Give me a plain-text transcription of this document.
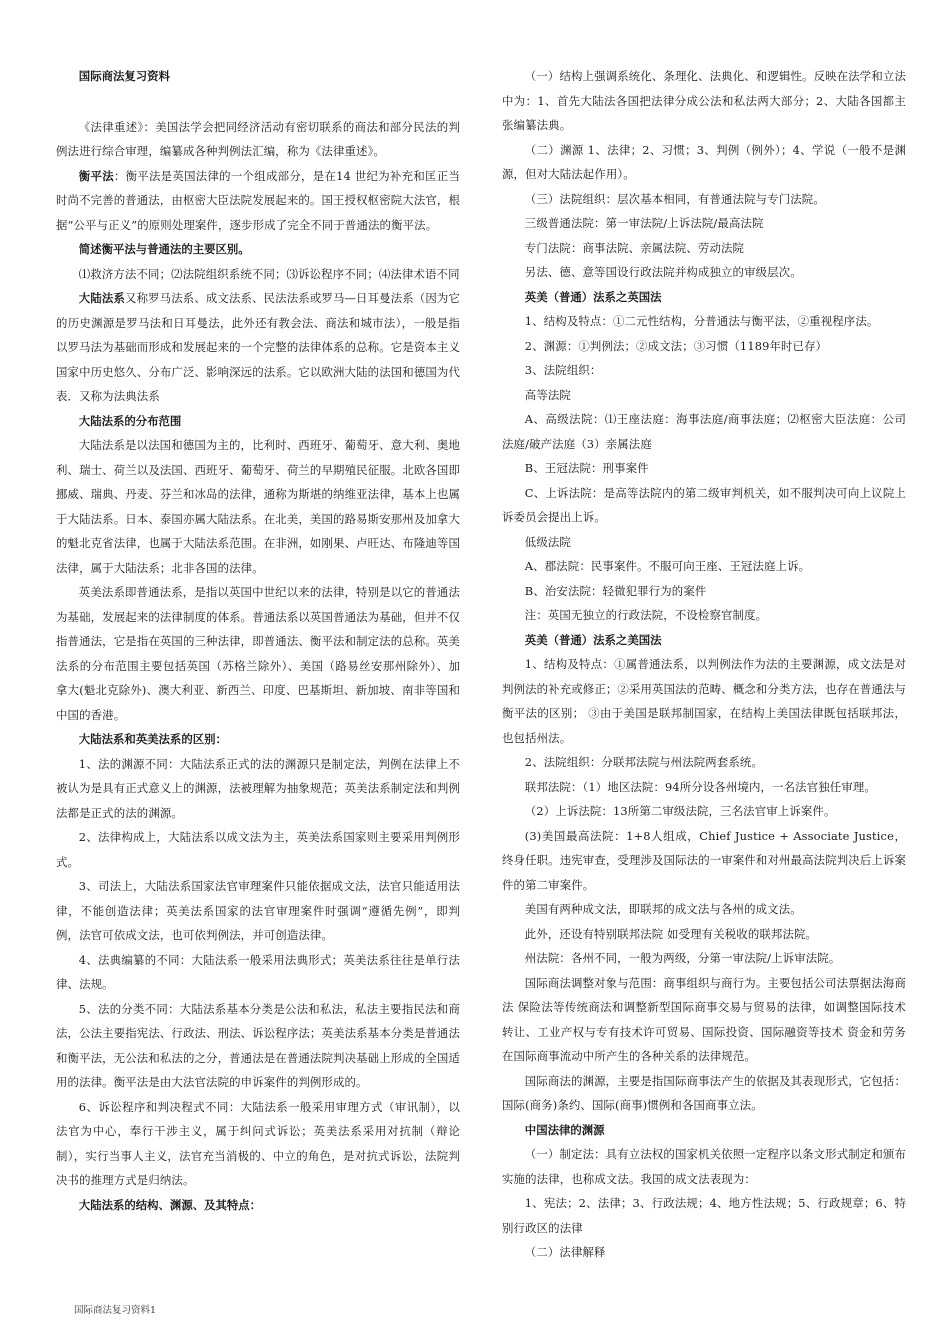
国际商法复习资料

《法律重述》：美国法学会把同经济活动有密切联系的商法和部分民法的判例法进行综合审理，编纂成各种判例法汇编，称为《法律重述》。

衡平法：衡平法是英国法律的一个组成部分，是在14 世纪为补充和匡正当时尚不完善的普通法，由枢密大臣法院发展起来的。国王授权枢密院大法官，根据“公平与正义”的原则处理案件，逐步形成了完全不同于普通法的衡平法。

简述衡平法与普通法的主要区别。

⑴救济方法不同；⑵法院组织系统不同；⑶诉讼程序不同；⑷法律术语不同

大陆法系又称罗马法系、成文法系、民法法系或罗马—日耳曼法系（因为它的历史渊源是罗马法和日耳曼法，此外还有教会法、商法和城市法），一般是指以罗马法为基础而形成和发展起来的一个完整的法律体系的总称。它是资本主义国家中历史悠久、分布广泛、影响深远的法系。它以欧洲大陆的法国和德国为代表．又称为法典法系

大陆法系的分布范围

大陆法系是以法国和德国为主的，比利时、西班牙、葡萄牙、意大利、奥地利、瑞士、荷兰以及法国、西班牙、葡萄牙、荷兰的早期殖民征服。北欧各国即挪威、瑞典、丹麦、芬兰和冰岛的法律，通称为斯堪的纳维亚法律，基本上也属于大陆法系。日本、泰国亦属大陆法系。在北美，美国的路易斯安那州及加拿大的魁北克省法律，也属于大陆法系范围。在非洲，如刚果、卢旺达、布隆迪等国法律，属于大陆法系；北非各国的法律。

英美法系即普通法系，是指以英国中世纪以来的法律，特别是以它的普通法为基础，发展起来的法律制度的体系。普通法系以英国普通法为基础，但并不仅指普通法，它是指在英国的三种法律，即普通法、衡平法和制定法的总称。英美法系的分布范围主要包括英国（苏格兰除外）、美国（路易丝安那州除外）、加拿大(魁北克除外)、澳大利亚、新西兰、印度、巴基斯坦、新加坡、南非等国和中国的香港。

大陆法系和英美法系的区别：

1、法的渊源不同：大陆法系正式的法的渊源只是制定法，判例在法律上不被认为是具有正式意义上的渊源，法被理解为抽象规范；英美法系制定法和判例法都是正式的法的渊源。

2、法律构成上，大陆法系以成文法为主，英美法系国家则主要采用判例形式。

3、司法上，大陆法系国家法官审理案件只能依据成文法，法官只能适用法律，不能创造法律；英美法系国家的法官审理案件时强调“遵循先例”，即判例，法官可依成文法，也可依判例法，并可创造法律。

4、法典编纂的不同：大陆法系一般采用法典形式；英美法系往往是单行法律、法规。

5、法的分类不同：大陆法系基本分类是公法和私法，私法主要指民法和商法，公法主要指宪法、行政法、刑法、诉讼程序法；英美法系基本分类是普通法和衡平法，无公法和私法的之分，普通法是在普通法院判决基础上形成的全国适用的法律。衡平法是由大法官法院的申诉案件的判例形成的。

6、诉讼程序和判决程式不同：大陆法系一般采用审理方式（审讯制），以法官为中心，奉行干涉主义，属于纠问式诉讼；英美法系采用对抗制（辩论制），实行当事人主义，法官充当消极的、中立的角色，是对抗式诉讼，法院判决书的推理方式是归纳法。

大陆法系的结构、渊源、及其特点：

（一）结构上强调系统化、条理化、法典化、和逻辑性。反映在法学和立法中为：1、首先大陆法各国把法律分成公法和私法两大部分；2、大陆各国都主张编纂法典。

（二）渊源 1、法律；2、习惯；3、判例（例外）；4、学说（一般不是渊源，但对大陆法起作用）。

（三）法院组织：层次基本相同，有普通法院与专门法院。

三级普通法院：第一审法院/上诉法院/最高法院

专门法院：商事法院、亲属法院、劳动法院

另法、德、意等国设行政法院并构成独立的审级层次。

英美（普通）法系之英国法

1、结构及特点：①二元性结构，分普通法与衡平法，②重视程序法。

2、渊源：①判例法；②成文法；③习惯（1189年时已存）

3、法院组织：

高等法院

A、高级法院：⑴王座法庭：海事法庭/商事法庭；⑵枢密大臣法庭：公司法庭/破产法庭（3）亲属法庭

B、王冠法院：刑事案件

C、上诉法院：是高等法院内的第二级审判机关，如不服判决可向上议院上诉委员会提出上诉。

低级法院

A、郡法院：民事案件。不服可向王座、王冠法庭上诉。

B、治安法院：轻微犯罪行为的案件

注：英国无独立的行政法院，不设检察官制度。

英美（普通）法系之美国法

1、结构及特点：①属普通法系，以判例法作为法的主要渊源，成文法是对判例法的补充或修正；②采用英国法的范畴、概念和分类方法，也存在普通法与衡平法的区别； ③由于美国是联邦制国家，在结构上美国法律既包括联邦法，也包括州法。

2、法院组织：分联邦法院与州法院两套系统。

联邦法院：（1）地区法院：94所分设各州境内，一名法官独任审理。

（2）上诉法院：13所第二审级法院，三名法官审上诉案件。

(3)美国最高法院：1+8人组成，Chief Justice + Associate Justice，终身任职。违宪审查，受理涉及国际法的一审案件和对州最高法院判决后上诉案件的第二审案件。

美国有两种成文法，即联邦的成文法与各州的成文法。

此外，还设有特别联邦法院 如受理有关税收的联邦法院。

州法院：各州不同，一般为两级，分第一审法院/上诉审法院。

国际商法调整对象与范围：商事组织与商行为。主要包括公司法票据法海商法 保险法等传统商法和调整新型国际商事交易与贸易的法律，如调整国际技术转让、工业产权与专有技术许可贸易、国际投资、国际融资等技术 资金和劳务在国际商事流动中所产生的各种关系的法律规范。

国际商法的渊源，主要是指国际商事法产生的依据及其表现形式，它包括：国际(商务)条约、国际(商事)惯例和各国商事立法。

中国法律的渊源

（一）制定法：具有立法权的国家机关依照一定程序以条文形式制定和颁布实施的法律，也称成文法。我国的成文法表现为：

1、宪法；2、法律；3、行政法规；4、地方性法规；5、行政规章；6、特别行政区的法律

（二）法律解释

国际商法复习资料1
